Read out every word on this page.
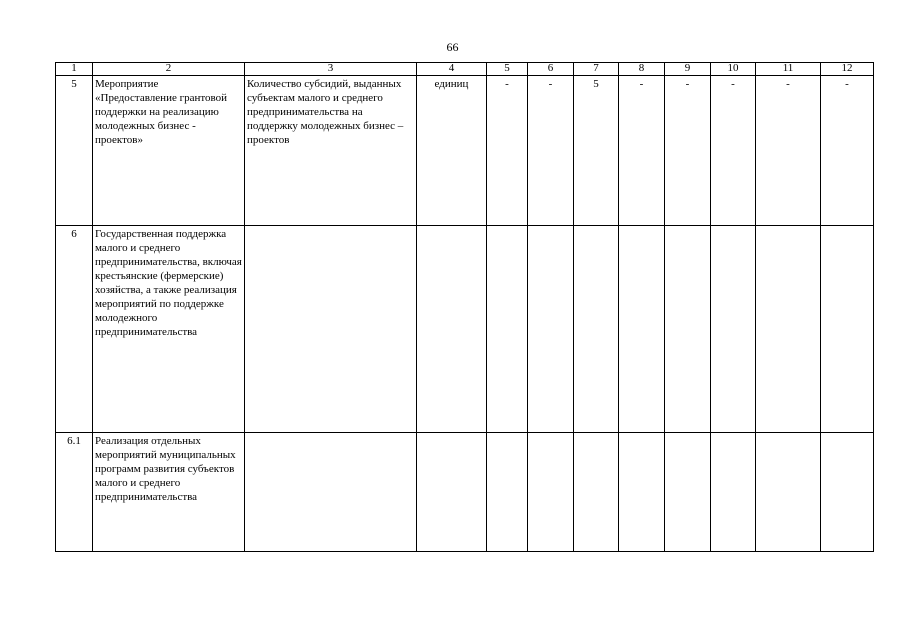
66
1	2	3	4	5	6	7	8	9	10	11	12
5	Мероприятие «Предоставление грантовой поддержки на реализацию молодежных бизнес - проектов»	Количество субсидий, выданных субъектам малого и среднего предпринимательства на поддержку молодежных бизнес – проектов	единиц	-	-	5	-	-	-	-	-
6	Государственная поддержка малого и среднего предпринимательства, включая крестьянские (фермерские) хозяйства, а также реализация мероприятий по поддержке молодежного предпринимательства										
6.1	Реализация отдельных мероприятий муниципальных программ развития субъектов малого и среднего предпринимательства										
